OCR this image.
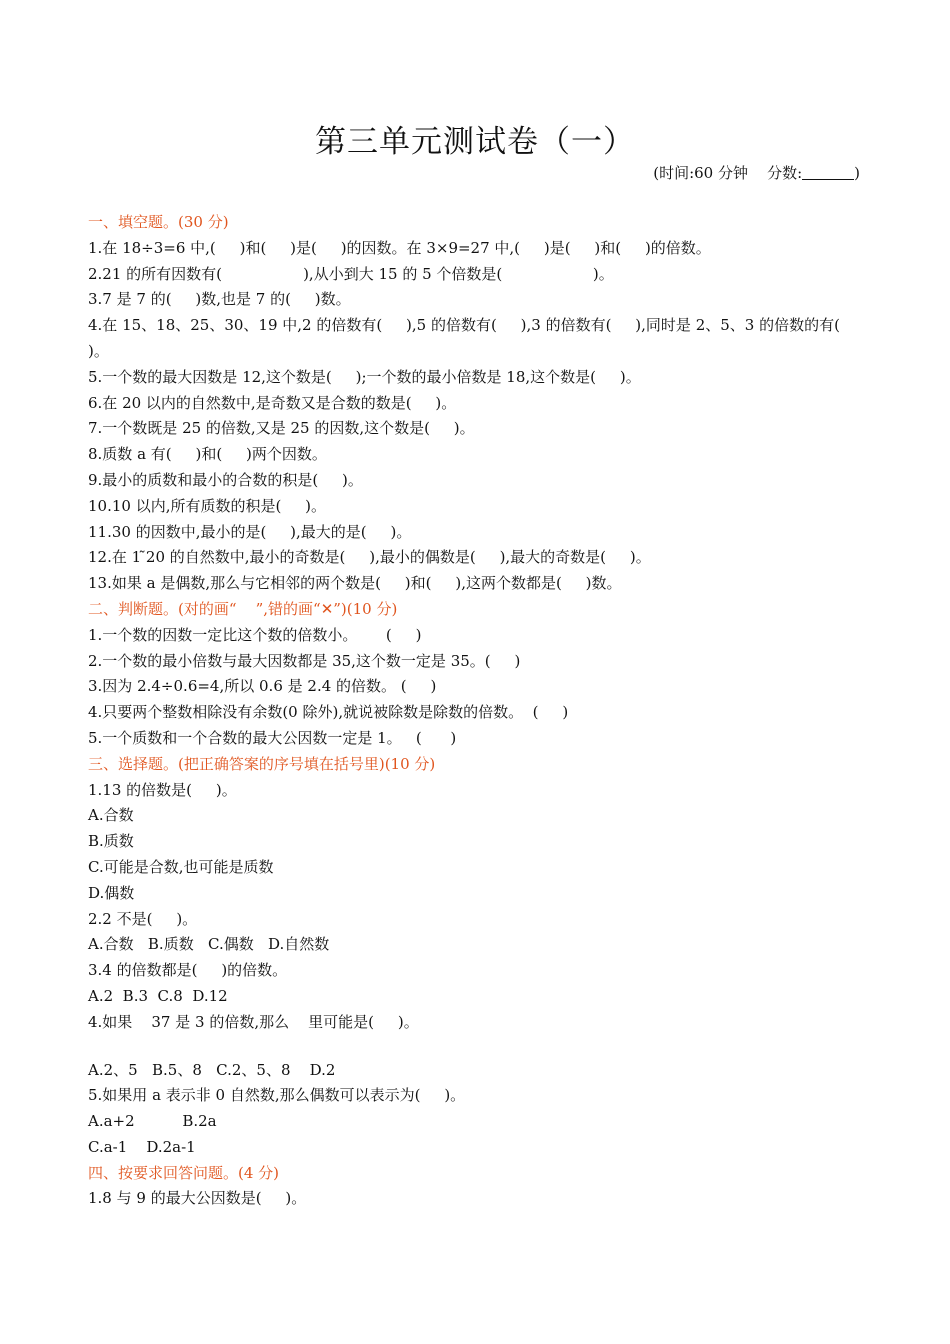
第三单元测试卷（一）
(时间:60 分钟 分数:	)
一、填空题。(30 分)
1.在 18÷3=6 中,(     )和(     )是(     )的因数。在 3×9=27 中,(     )是(     )和(     )的倍数。
2.21 的所有因数有(                 ),从小到大 15 的 5 个倍数是(                   )。
3.7 是 7 的(     )数,也是 7 的(     )数。
4.在 15、18、25、30、19 中,2 的倍数有(     ),5 的倍数有(     ),3 的倍数有(     ),同时是 2、5、3 的倍数的有(     )。
5.一个数的最大因数是 12,这个数是(     );一个数的最小倍数是 18,这个数是(     )。
6.在 20 以内的自然数中,是奇数又是合数的数是(     )。
7.一个数既是 25 的倍数,又是 25 的因数,这个数是(     )。
8.质数 a 有(     )和(     )两个因数。
9.最小的质数和最小的合数的积是(     )。
10.10 以内,所有质数的积是(     )。
11.30 的因数中,最小的是(     ),最大的是(     )。
12.在 1 ̃20 的自然数中,最小的奇数是(     ),最小的偶数是(     ),最大的奇数是(     )。
13.如果 a 是偶数,那么与它相邻的两个数是(     )和(     ),这两个数都是(     )数。
二、判断题。(对的画“    ”,错的画“✕”)(10 分)
1.一个数的因数一定比这个数的倍数小。      (     )
2.一个数的最小倍数与最大因数都是 35,这个数一定是 35。(     )
3.因为 2.4÷0.6=4,所以 0.6 是 2.4 的倍数。 (     )
4.只要两个整数相除没有余数(0 除外),就说被除数是除数的倍数。  (     )
5.一个质数和一个合数的最大公因数一定是 1。   (      )
三、选择题。(把正确答案的序号填在括号里)(10 分)
1.13 的倍数是(     )。
A.合数
B.质数
C.可能是合数,也可能是质数
D.偶数
2.2 不是(     )。
A.合数   B.质数   C.偶数   D.自然数
3.4 的倍数都是(     )的倍数。
A.2  B.3  C.8  D.12
4.如果    37 是 3 的倍数,那么    里可能是(     )。
A.2、5   B.5、8   C.2、5、8    D.2
5.如果用 a 表示非 0 自然数,那么偶数可以表示为(     )。
A.a+2          B.2a
C.a-1    D.2a-1
四、按要求回答问题。(4 分)
1.8 与 9 的最大公因数是(     )。
